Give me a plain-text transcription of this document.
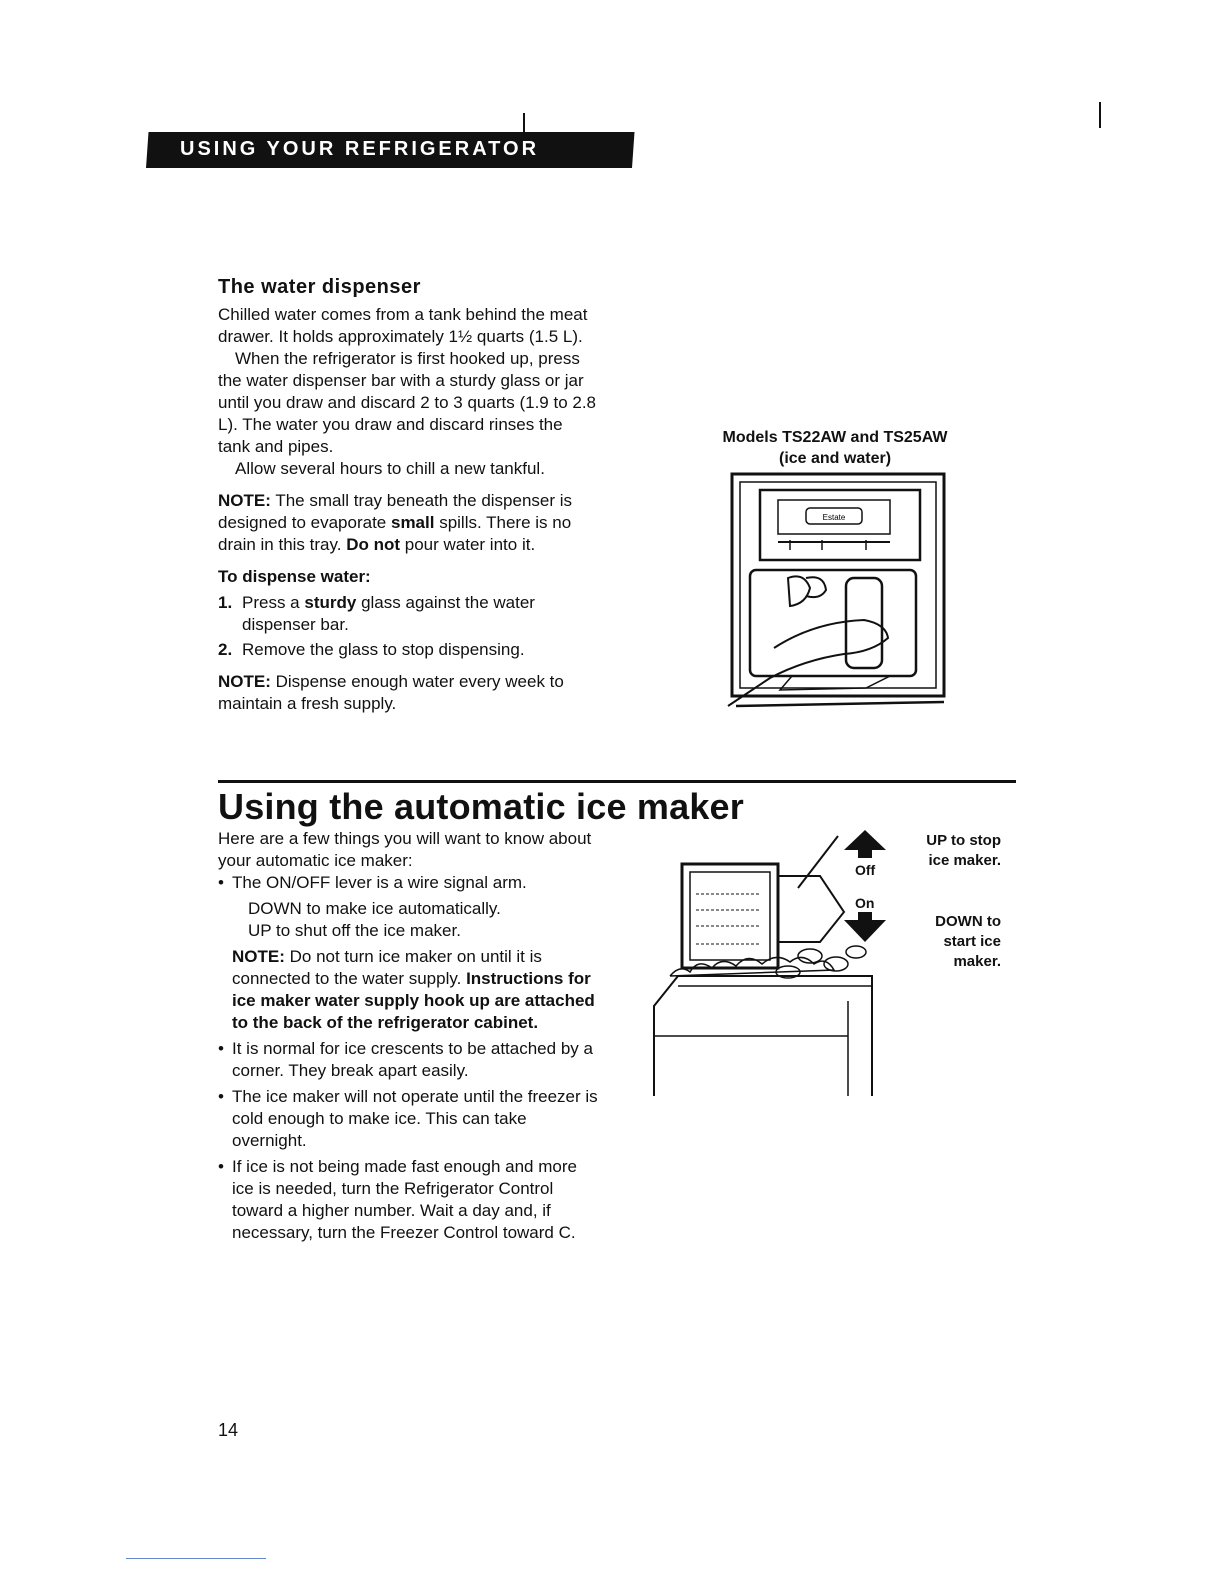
USING YOUR REFRIGERATOR
The water dispenser

Chilled water comes from a tank behind the meat drawer. It holds approximately 1½ quarts (1.5 L).

When the refrigerator is first hooked up, press the water dispenser bar with a sturdy glass or jar until you draw and discard 2 to 3 quarts (1.9 to 2.8 L). The water you draw and discard rinses the tank and pipes.

Allow several hours to chill a new tankful.

NOTE: The small tray beneath the dispenser is designed to evaporate small spills. There is no drain in this tray. Do not pour water into it.

To dispense water:

1. Press a sturdy glass against the water dispenser bar.
2. Remove the glass to stop dispensing.

NOTE: Dispense enough water every week to maintain a fresh supply.

Models TS22AW and TS25AW
(ice and water)
Estate
Using the automatic ice maker

Here are a few things you will want to know about your automatic ice maker:

• The ON/OFF lever is a wire signal arm.

DOWN to make ice automatically.

UP to shut off the ice maker.

NOTE: Do not turn ice maker on until it is connected to the water supply. Instructions for ice maker water supply hook up are attached to the back of the refrigerator cabinet.

• It is normal for ice crescents to be attached by a corner. They break apart easily.
• The ice maker will not operate until the freezer is cold enough to make ice. This can take overnight.
• If ice is not being made fast enough and more ice is needed, turn the Refrigerator Control toward a higher number. Wait a day and, if necessary, turn the Freezer Control toward C.
Off
On
UP to stop ice maker.
DOWN to start ice maker.
14
